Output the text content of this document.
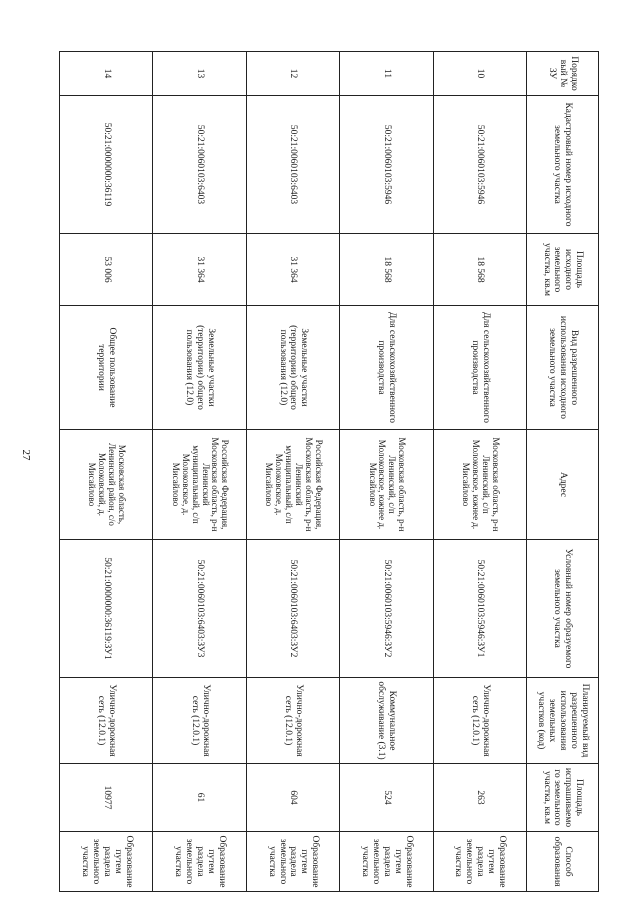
27
Порядковый № ЗУ	Кадастровый номер исходного земельного участка	Площадь исходного земельного участка, кв.м	Вид разрешенного использования исходного земельного участка	Адрес	Условный номер образуемого земельного участка	Планируемый вид разрешенного использования земельных участков (код)	Площадь испрашиваемого земельного участка, кв.м	Способ образования
10	50:21:0060103:5946	18 568	Для сельскохозяйственного производства	Московская область, р-н Ленинский, с/п Молоковское, южнее д. Мисайлово	50:21:0060103:5946:ЗУ1	Улично-дорожная сеть (12.0.1)	263	Образование путем раздела земельного участка
11	50:21:0060103:5946	18 568	Для сельскохозяйственного производства	Московская область, р-н Ленинский, с/п Молоковское, южнее д. Мисайлово	50:21:0060103:5946:ЗУ2	Коммунальное обслуживание (3.1)	524	Образование путем раздела земельного участка
12	50:21:0060103:6403	31 364	Земельные участки (территории) общего пользования (12.0)	Российская Федерация, Московская область, р-н Ленинский муниципальный, с/п Молоковское, д. Мисайлово	50:21:0060103:6403:ЗУ2	Улично-дорожная сеть (12.0.1)	604	Образование путем раздела земельного участка
13	50:21:0060103:6403	31 364	Земельные участки (территории) общего пользования (12.0)	Российская Федерация, Московская область, р-н Ленинский муниципальный, с/п Молоковское, д. Мисайлово	50:21:0060103:6403:ЗУ3	Улично-дорожная сеть (12.0.1)	61	Образование путем раздела земельного участка
14	50:21:0000000:36119	53 006	Общее пользование территории	Московская область, Ленинский район, с/о Молоковский, д. Мисайлово	50:21:0000000:36119:ЗУ1	Улично-дорожная сеть (12.0.1)	10977	Образование путем раздела земельного участка
